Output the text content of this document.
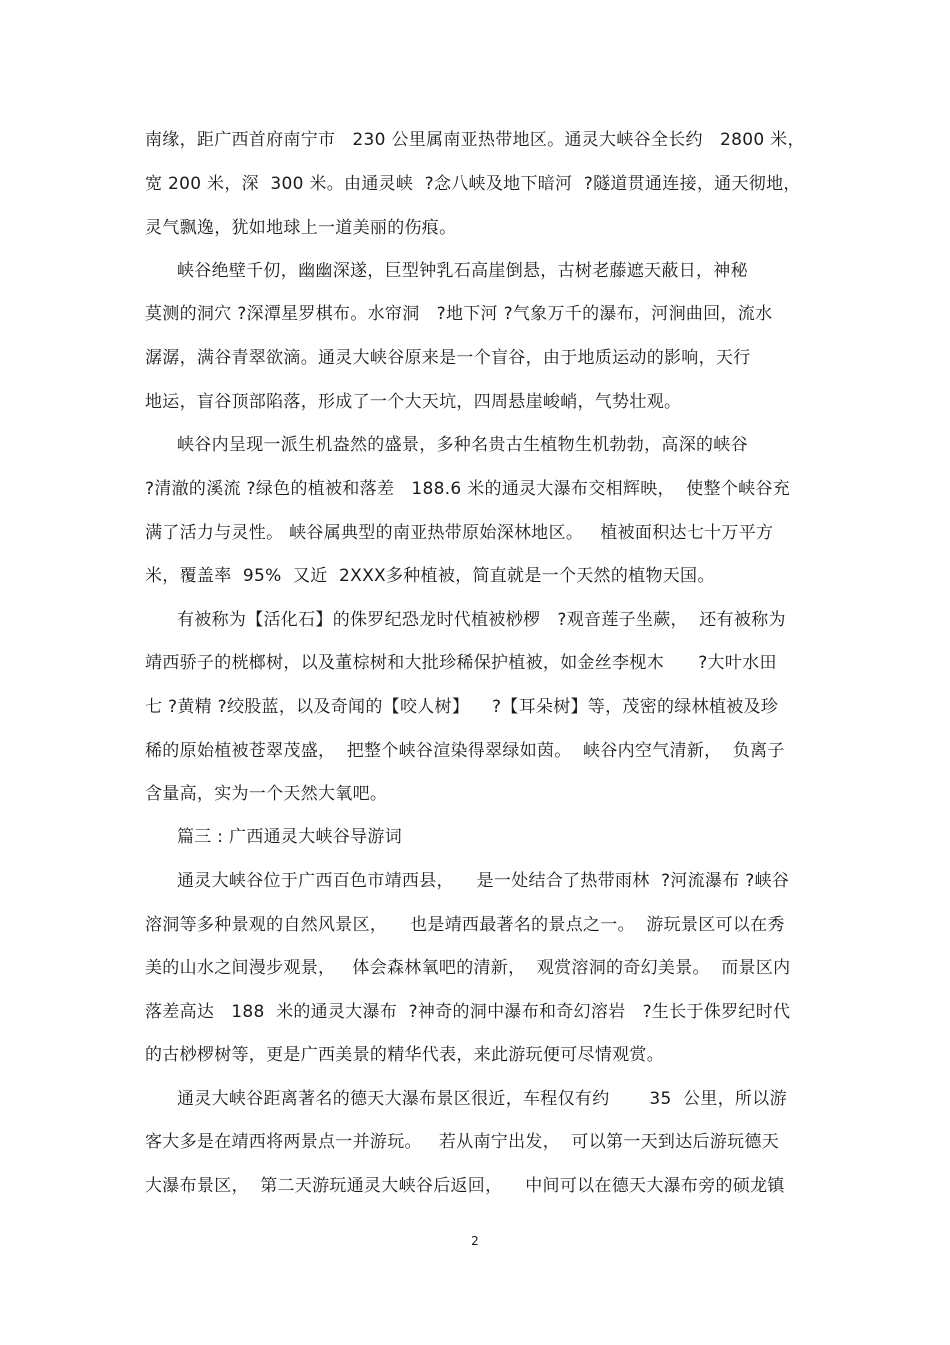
南缘，距广西首府南宁市   230 公里属南亚热带地区。通灵大峡谷全长约   2800 米，
宽 200 米，深  300 米。由通灵峡  ?念八峡及地下暗河  ?隧道贯通连接，通天彻地，
灵气飘逸，犹如地球上一道美丽的伤痕。
峡谷绝壁千仞，幽幽深遂，巨型钟乳石高崖倒悬，古树老藤遮天蔽日，神秘
莫测的洞穴 ?深潭星罗棋布。水帘洞   ?地下河 ?气象万千的瀑布，河涧曲回，流水
潺潺，满谷青翠欲滴。通灵大峡谷原来是一个盲谷，由于地质运动的影响，天行
地运，盲谷顶部陷落，形成了一个大天坑，四周悬崖峻峭，气势壮观。
峡谷内呈现一派生机盎然的盛景，多种名贵古生植物生机勃勃，高深的峡谷
?清澈的溪流 ?绿色的植被和落差   188.6 米的通灵大瀑布交相辉映，  使整个峡谷充
满了活力与灵性。 峡谷属典型的南亚热带原始深林地区。   植被面积达七十万平方
米，覆盖率  95%  又近  2XXX多种植被，简直就是一个天然的植物天国。
有被称为【活化石】的侏罗纪恐龙时代植被桫椤   ?观音莲子坐蕨，  还有被称为
靖西骄子的桄榔树，以及董棕树和大批珍稀保护植被，如金丝李枧木      ?大叶水田
七 ?黄精 ?绞股蓝，以及奇闻的【咬人树】    ?【耳朵树】等，茂密的绿林植被及珍
稀的原始植被苍翠茂盛，  把整个峡谷渲染得翠绿如茵。  峡谷内空气清新，  负离子
含量高，实为一个天然大氧吧。
篇三 : 广西通灵大峡谷导游词
通灵大峡谷位于广西百色市靖西县，    是一处结合了热带雨林  ?河流瀑布 ?峡谷
溶洞等多种景观的自然风景区，    也是靖西最著名的景点之一。  游玩景区可以在秀
美的山水之间漫步观景，   体会森林氧吧的清新，  观赏溶洞的奇幻美景。  而景区内
落差高达   188  米的通灵大瀑布  ?神奇的洞中瀑布和奇幻溶岩   ?生长于侏罗纪时代
的古桫椤树等，更是广西美景的精华代表，来此游玩便可尽情观赏。
通灵大峡谷距离著名的德天大瀑布景区很近，车程仅有约       35  公里，所以游
客大多是在靖西将两景点一并游玩。   若从南宁出发，  可以第一天到达后游玩德天
大瀑布景区，  第二天游玩通灵大峡谷后返回，    中间可以在德天大瀑布旁的硕龙镇
2
